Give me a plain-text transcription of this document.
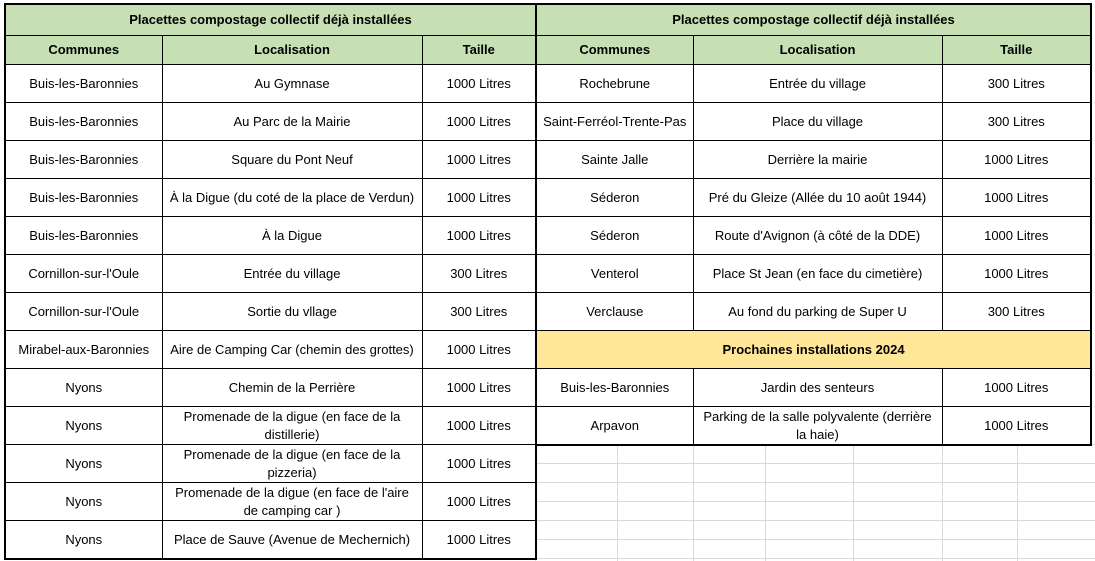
Placettes compostage collectif déjà installées		
Communes	Localisation	Taille
Buis-les-Baronnies	Au Gymnase	1000 Litres
Buis-les-Baronnies	Au Parc de la Mairie	1000 Litres
Buis-les-Baronnies	Square du Pont Neuf	1000 Litres
Buis-les-Baronnies	À la Digue (du coté de la place de Verdun)	1000 Litres
Buis-les-Baronnies	À la Digue	1000 Litres
Cornillon-sur-l'Oule	Entrée du village	300 Litres
Cornillon-sur-l'Oule	Sortie du vllage	300 Litres
Mirabel-aux-Baronnies	Aire de Camping Car (chemin des grottes)	1000 Litres
Nyons	Chemin de la Perrière	1000 Litres
Nyons	Promenade de la digue (en face de la distillerie)	1000 Litres
Nyons	Promenade de la digue (en face de la pizzeria)	1000 Litres
Nyons	Promenade de la digue (en face de l'aire de camping car )	1000 Litres
Nyons	Place de Sauve (Avenue de Mechernich)	1000 Litres
Placettes compostage collectif déjà installées		
Communes	Localisation	Taille
Rochebrune	Entrée du village	300 Litres
Saint-Ferréol-Trente-Pas	Place du village	300 Litres
Sainte Jalle	Derrière la mairie	1000 Litres
Séderon	Pré du Gleize (Allée du 10 août 1944)	1000 Litres
Séderon	Route d'Avignon (à côté de la DDE)	1000 Litres
Venterol	Place St Jean (en face du cimetière)	1000 Litres
Verclause	Au fond du parking de Super U	300 Litres
Prochaines installations 2024		
Buis-les-Baronnies	Jardin des senteurs	1000 Litres
Arpavon	Parking de la salle polyvalente (derrière la haie)	1000 Litres
